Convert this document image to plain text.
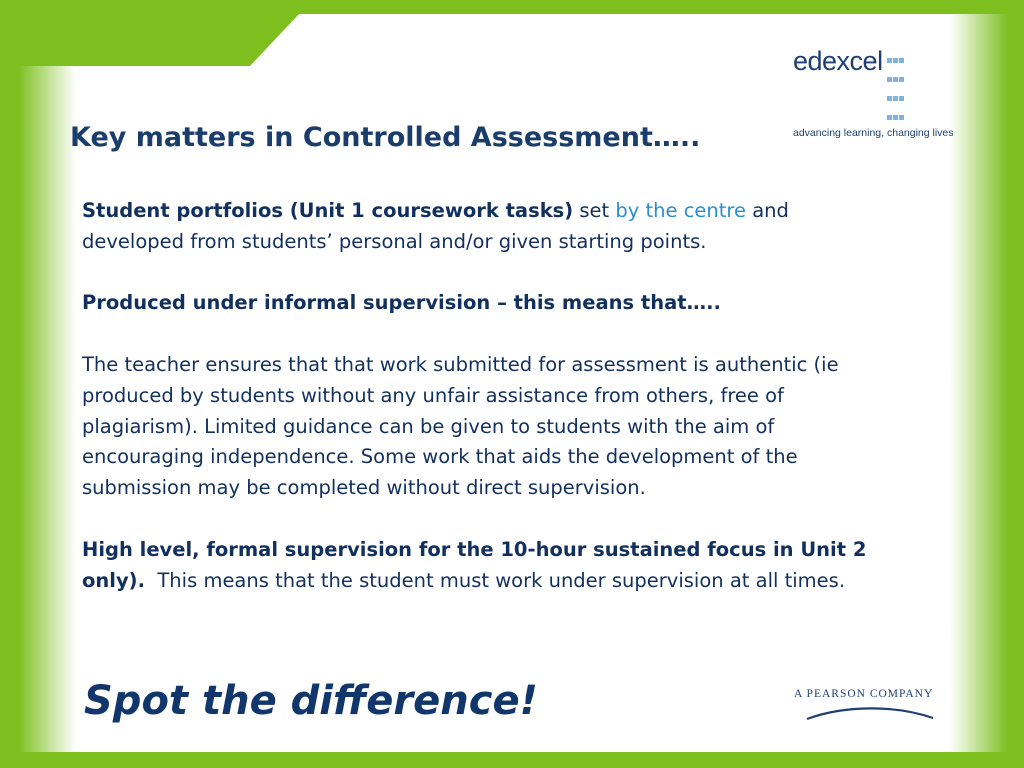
edexcel

advancing learning, changing lives
Key matters in Controlled Assessment…..

Student portfolios (Unit 1 coursework tasks) set by the centre and developed from students’ personal and/or given starting points.

Produced under informal supervision – this means that…..

The teacher ensures that that work submitted for assessment is authentic (ie produced by students without any unfair assistance from others, free of plagiarism). Limited guidance can be given to students with the aim of encouraging independence. Some work that aids the development of the submission may be completed without direct supervision.

High level, formal supervision for the 10-hour sustained focus in Unit 2 only).  This means that the student must work under supervision at all times.

Spot the difference!	A PEARSON COMPANY
